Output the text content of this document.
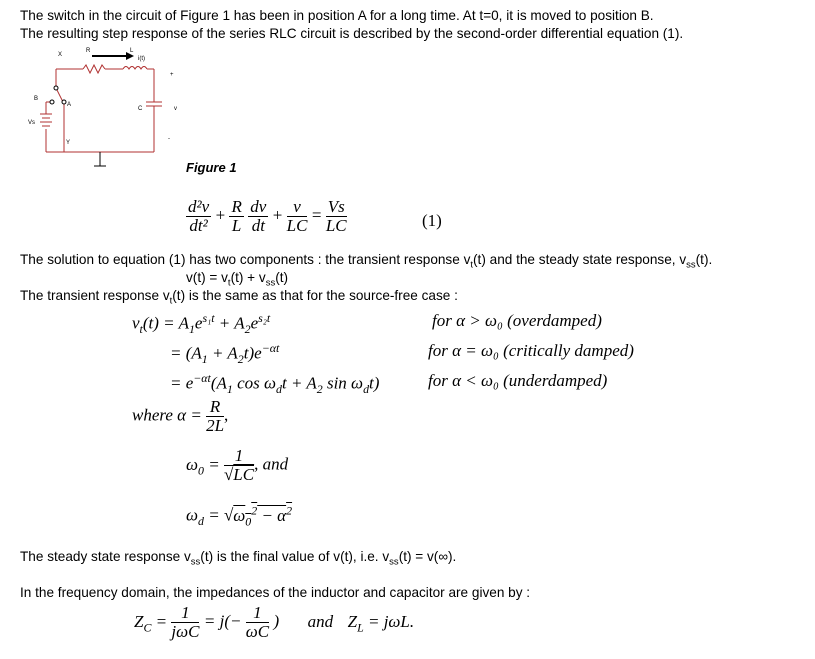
The switch in the circuit of Figure 1 has been in position A for a long time. At t=0, it is moved to position B.
The resulting step response of the series RLC circuit is described by the second-order differential equation (1).
X
R	L
i(t)
+
B
A
C	v
Vs
Y
-
Figure 1
$\frac{\text{d²v}}{\text{dt²}} + \frac{R}{L}$
$\frac{dv}{dt} + \frac{v}{LC} = \frac{Vs}{LC}$	(1)
The solution to equation (1) has two components : the transient response $v_t(t)$ and the steady state response, $v_{ss}(t)$.
$v(t) = v_t(t) + v_{ss}(t)$
The transient response $v_t(t)$ is the same as that for the source-free case :
$v_t(t) = A_1e^{s_1t} + A_2e^{s_2t}$	for α > ω₀ (overdamped)
= $(A_1 + A_2t)e^{-\alpha t}$	for α = ω₀ (critically damped)
= $e^{-\alpha t}(A_1$ $\cos \omega_dt + A_2$ $\sin \omega_dt$)	for α < ω₀ (underdamped)
where $\alpha = \frac{R}{2L}$ ,
$\omega_0 = \frac{1}{√LC}$ , and
$\omega_d = √\omega_0^2 - \alpha^2$
The steady state response $v_{ss}(t)$ is the final value of v(t), i.e. $v_{ss}(t) = v(\infty)$.
In the frequency domain, the impedances of the inductor and capacitor are given by :
$Z_C = \frac{1}{\text{jωC}} = j(- \frac{1}{\omega C}$ ) and $Z_L = j\omega L$.
